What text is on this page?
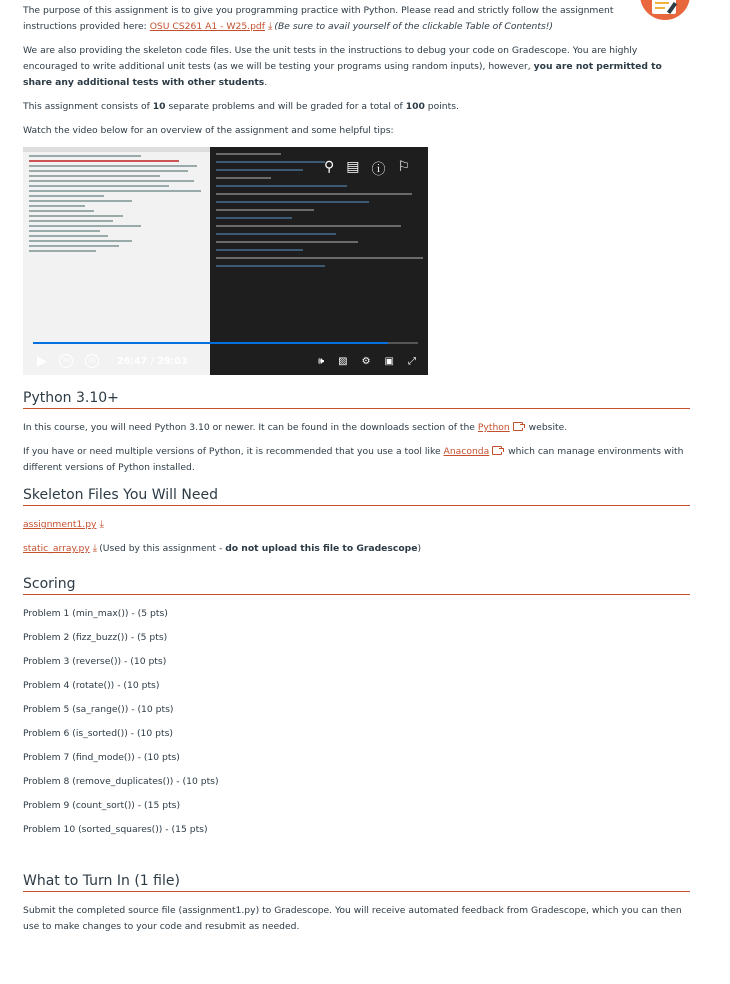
The purpose of this assignment is to give you programming practice with Python. Please read and strictly follow the assignment instructions provided here: OSU CS261 A1 - W25.pdf ⤓ (Be sure to avail yourself of the clickable Table of Contents!)

We are also providing the skeleton code files. Use the unit tests in the instructions to debug your code on Gradescope. You are highly encouraged to write additional unit tests (as we will be testing your programs using random inputs), however, you are not permitted to share any additional tests with other students.

This assignment consists of 10 separate problems and will be graded for a total of 100 points.

Watch the video below for an overview of the assignment and some helpful tips:

Python 3.10+

In this course, you will need Python 3.10 or newer. It can be found in the downloads section of the Python website.

If you have or need multiple versions of Python, it is recommended that you use a tool like Anaconda which can manage environments with different versions of Python installed.

Skeleton Files You Will Need

assignment1.py ⤓

static_array.py ⤓ (Used by this assignment - do not upload this file to Gradescope)

Scoring

Problem 1 (min_max()) - (5 pts)

Problem 2 (fizz_buzz()) - (5 pts)

Problem 3 (reverse()) - (10 pts)

Problem 4 (rotate()) - (10 pts)

Problem 5 (sa_range()) - (10 pts)

Problem 6 (is_sorted()) - (10 pts)

Problem 7 (find_mode()) - (10 pts)

Problem 8 (remove_duplicates()) - (10 pts)

Problem 9 (count_sort()) - (15 pts)

Problem 10 (sorted_squares()) - (15 pts)

What to Turn In (1 file)

Submit the completed source file (assignment1.py) to Gradescope. You will receive automated feedback from Gradescope, which you can then use to make changes to your code and resubmit as needed.

⚲ ▤ ⓘ ⚐
▶	10	10	26:47 / 29:03	🕪 ▨ ⚙ ▣ ⤢
